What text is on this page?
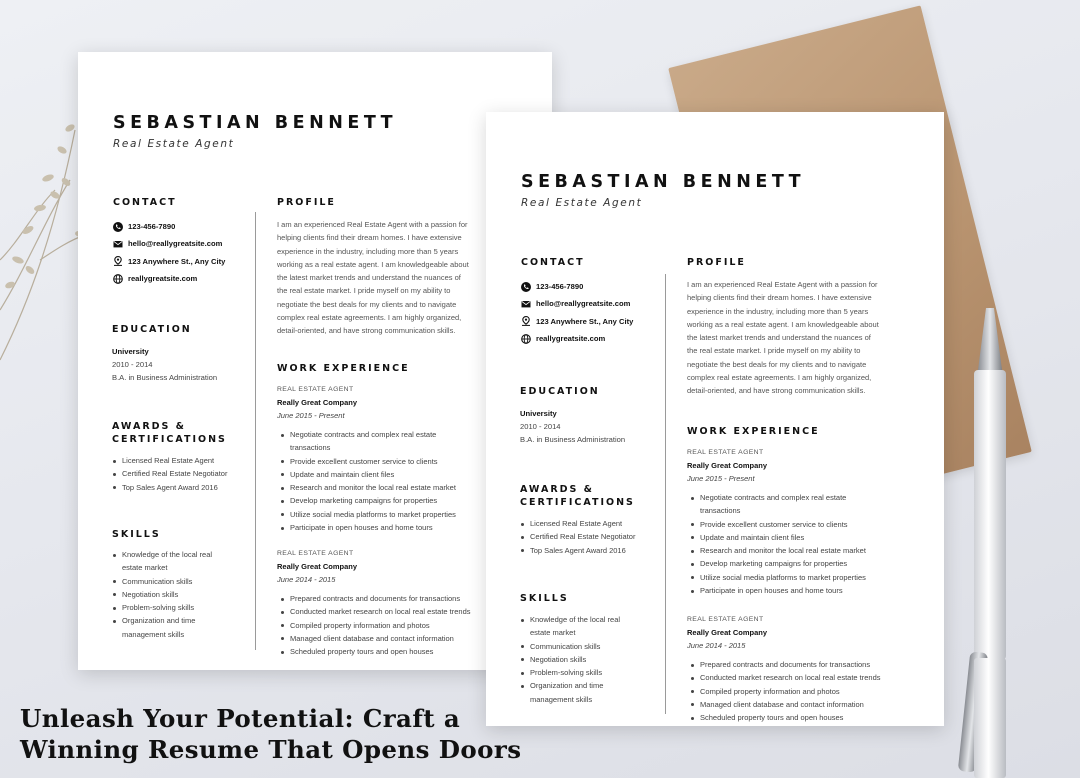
SEBASTIAN BENNETT
Real Estate Agent
CONTACT
123-456-7890
hello@reallygreatsite.com
123 Anywhere St., Any City
reallygreatsite.com
EDUCATION
University
2010 - 2014
B.A. in Business Administration
AWARDS &
CERTIFICATIONS
Licensed Real Estate Agent
Certified Real Estate Negotiator
Top Sales Agent Award 2016
SKILLS
Knowledge of the local real
estate market
Communication skills
Negotiation skills
Problem-solving skills
Organization and time
management skills
PROFILE
I am an experienced Real Estate Agent with a passion for
helping clients find their dream homes. I have extensive
experience in the industry, including more than 5 years
working as a real estate agent. I am knowledgeable about
the latest market trends and understand the nuances of
the real estate market. I pride myself on my ability to
negotiate the best deals for my clients and to navigate
complex real estate agreements. I am highly organized,
detail-oriented, and have strong communication skills.
WORK EXPERIENCE
REAL ESTATE AGENT
Really Great Company
June 2015 - Present
Negotiate contracts and complex real estate
transactions
Provide excellent customer service to clients
Update and maintain client files
Research and monitor the local real estate market
Develop marketing campaigns for properties
Utilize social media platforms to market properties
Participate in open houses and home tours
REAL ESTATE AGENT
Really Great Company
June 2014 - 2015
Prepared contracts and documents for transactions
Conducted market research on local real estate trends
Compiled property information and photos
Managed client database and contact information
Scheduled property tours and open houses
SEBASTIAN BENNETT
Real Estate Agent
CONTACT
123-456-7890
hello@reallygreatsite.com
123 Anywhere St., Any City
reallygreatsite.com
EDUCATION
University
2010 - 2014
B.A. in Business Administration
AWARDS &
CERTIFICATIONS
Licensed Real Estate Agent
Certified Real Estate Negotiator
Top Sales Agent Award 2016
SKILLS
Knowledge of the local real
estate market
Communication skills
Negotiation skills
Problem-solving skills
Organization and time
management skills
PROFILE
I am an experienced Real Estate Agent with a passion for
helping clients find their dream homes. I have extensive
experience in the industry, including more than 5 years
working as a real estate agent. I am knowledgeable about
the latest market trends and understand the nuances of
the real estate market. I pride myself on my ability to
negotiate the best deals for my clients and to navigate
complex real estate agreements. I am highly organized,
detail-oriented, and have strong communication skills.
WORK EXPERIENCE
REAL ESTATE AGENT
Really Great Company
June 2015 - Present
Negotiate contracts and complex real estate
transactions
Provide excellent customer service to clients
Update and maintain client files
Research and monitor the local real estate market
Develop marketing campaigns for properties
Utilize social media platforms to market properties
Participate in open houses and home tours
REAL ESTATE AGENT
Really Great Company
June 2014 - 2015
Prepared contracts and documents for transactions
Conducted market research on local real estate trends
Compiled property information and photos
Managed client database and contact information
Scheduled property tours and open houses
Unleash Your Potential: Craft a
Winning Resume That Opens Doors
